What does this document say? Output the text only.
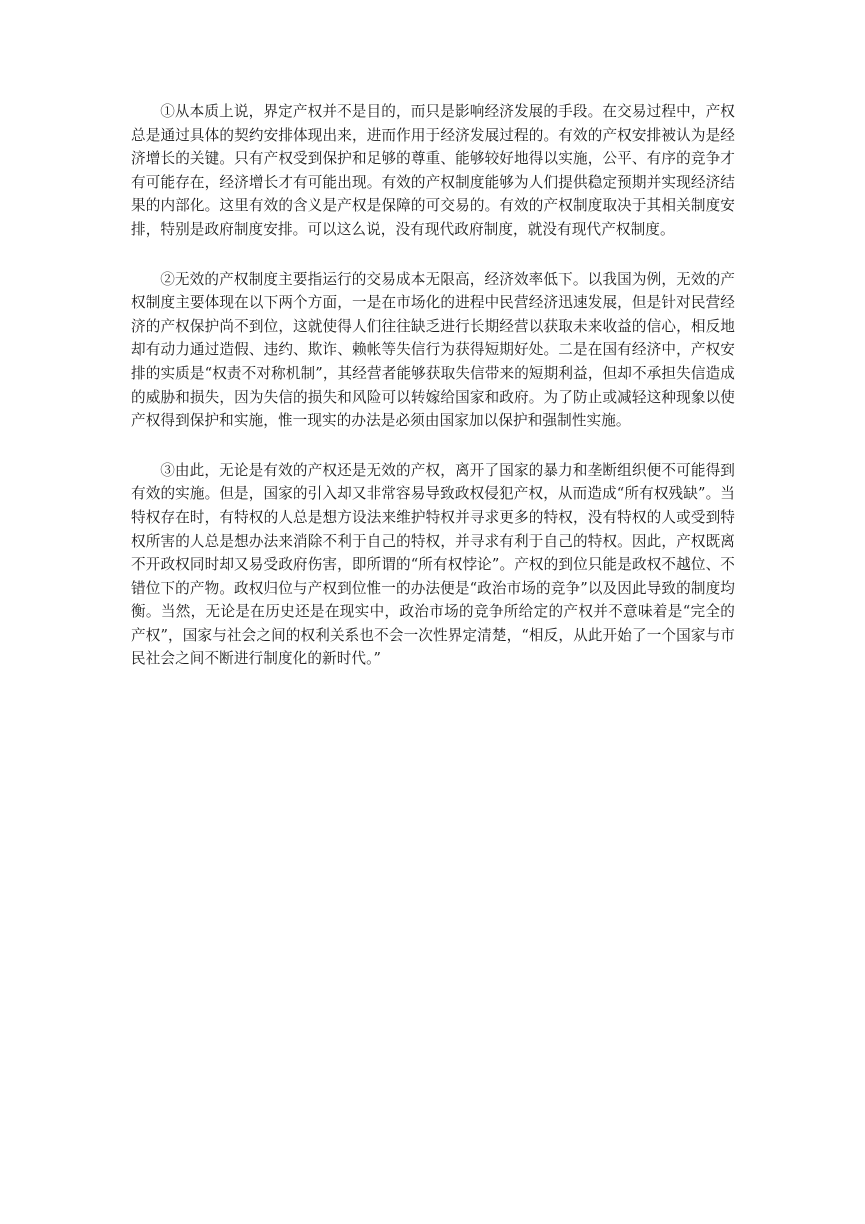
①从本质上说，界定产权并不是目的，而只是影响经济发展的手段。在交易过程中，产权总是通过具体的契约安排体现出来，进而作用于经济发展过程的。有效的产权安排被认为是经济增长的关键。只有产权受到保护和足够的尊重、能够较好地得以实施，公平、有序的竞争才有可能存在，经济增长才有可能出现。有效的产权制度能够为人们提供稳定预期并实现经济结果的内部化。这里有效的含义是产权是保障的可交易的。有效的产权制度取决于其相关制度安排，特别是政府制度安排。可以这么说，没有现代政府制度，就没有现代产权制度。

②无效的产权制度主要指运行的交易成本无限高，经济效率低下。以我国为例，无效的产权制度主要体现在以下两个方面，一是在市场化的进程中民营经济迅速发展，但是针对民营经济的产权保护尚不到位，这就使得人们往往缺乏进行长期经营以获取未来收益的信心，相反地却有动力通过造假、违约、欺诈、赖帐等失信行为获得短期好处。二是在国有经济中，产权安排的实质是“权责不对称机制”，其经营者能够获取失信带来的短期利益，但却不承担失信造成的威胁和损失，因为失信的损失和风险可以转嫁给国家和政府。为了防止或减轻这种现象以使产权得到保护和实施，惟一现实的办法是必须由国家加以保护和强制性实施。

③由此，无论是有效的产权还是无效的产权，离开了国家的暴力和垄断组织便不可能得到有效的实施。但是，国家的引入却又非常容易导致政权侵犯产权，从而造成“所有权残缺”。当特权存在时，有特权的人总是想方设法来维护特权并寻求更多的特权，没有特权的人或受到特权所害的人总是想办法来消除不利于自己的特权，并寻求有利于自己的特权。因此，产权既离不开政权同时却又易受政府伤害，即所谓的“所有权悖论”。产权的到位只能是政权不越位、不错位下的产物。政权归位与产权到位惟一的办法便是“政治市场的竞争”以及因此导致的制度均衡。当然，无论是在历史还是在现实中，政治市场的竞争所给定的产权并不意味着是“完全的产权”，国家与社会之间的权利关系也不会一次性界定清楚，“相反，从此开始了一个国家与市民社会之间不断进行制度化的新时代。”
